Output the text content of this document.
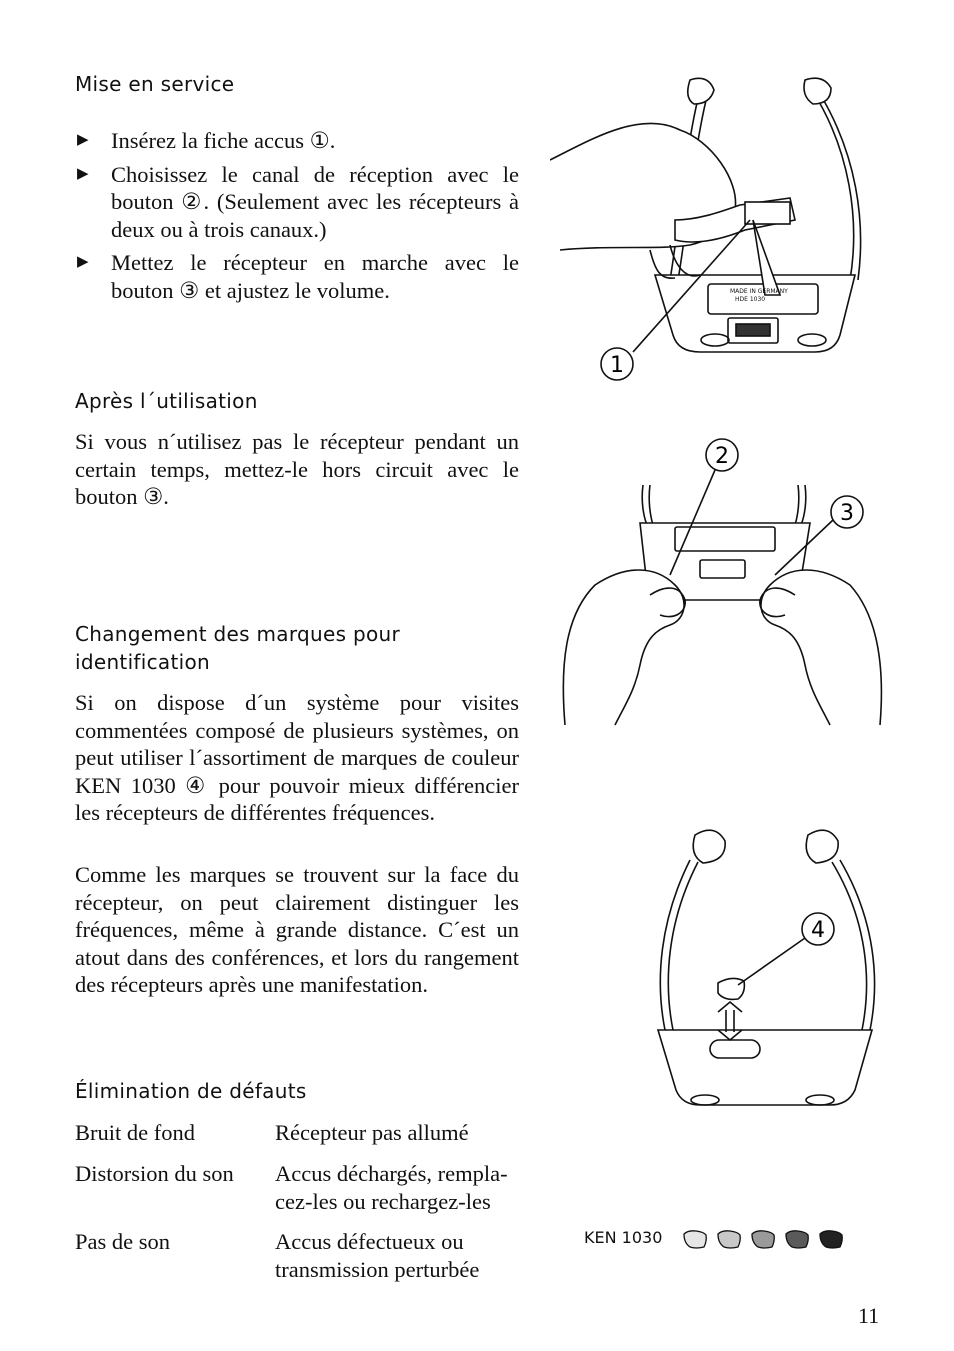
Mise en service
▶ Insérez la fiche accus ①.
▶ Choisissez le canal de réception avec le bouton ②. (Seulement avec les récepteurs à deux ou à trois canaux.)
▶ Mettez le récepteur en marche avec le bouton ③ et ajustez le volume.
Après l´utilisation
Si vous n´utilisez pas le récepteur pendant un certain temps, mettez-le hors circuit avec le bouton ③.
Changement des marques pour
identification
Si on dispose d´un système pour visites commentées composé de plusieurs systèmes, on peut utiliser l´assortiment de marques de couleur KEN 1030 ④ pour pouvoir mieux différencier les récepteurs de différentes fréquences.
Comme les marques se trouvent sur la face du récepteur, on peut clairement distinguer les fréquences, même à grande distance. C´est un atout dans des conférences, et lors du rangement des récepteurs après une manifestation.
Élimination de défauts
Bruit de fond	Récepteur pas allumé
Distorsion du son	Accus déchargés, rempla-cez-les ou rechargez-les
Pas de son	Accus défectueux ou transmission perturbée
11
MADE IN GERMANY
HDE 1030
1
2
3
4
KEN 1030
